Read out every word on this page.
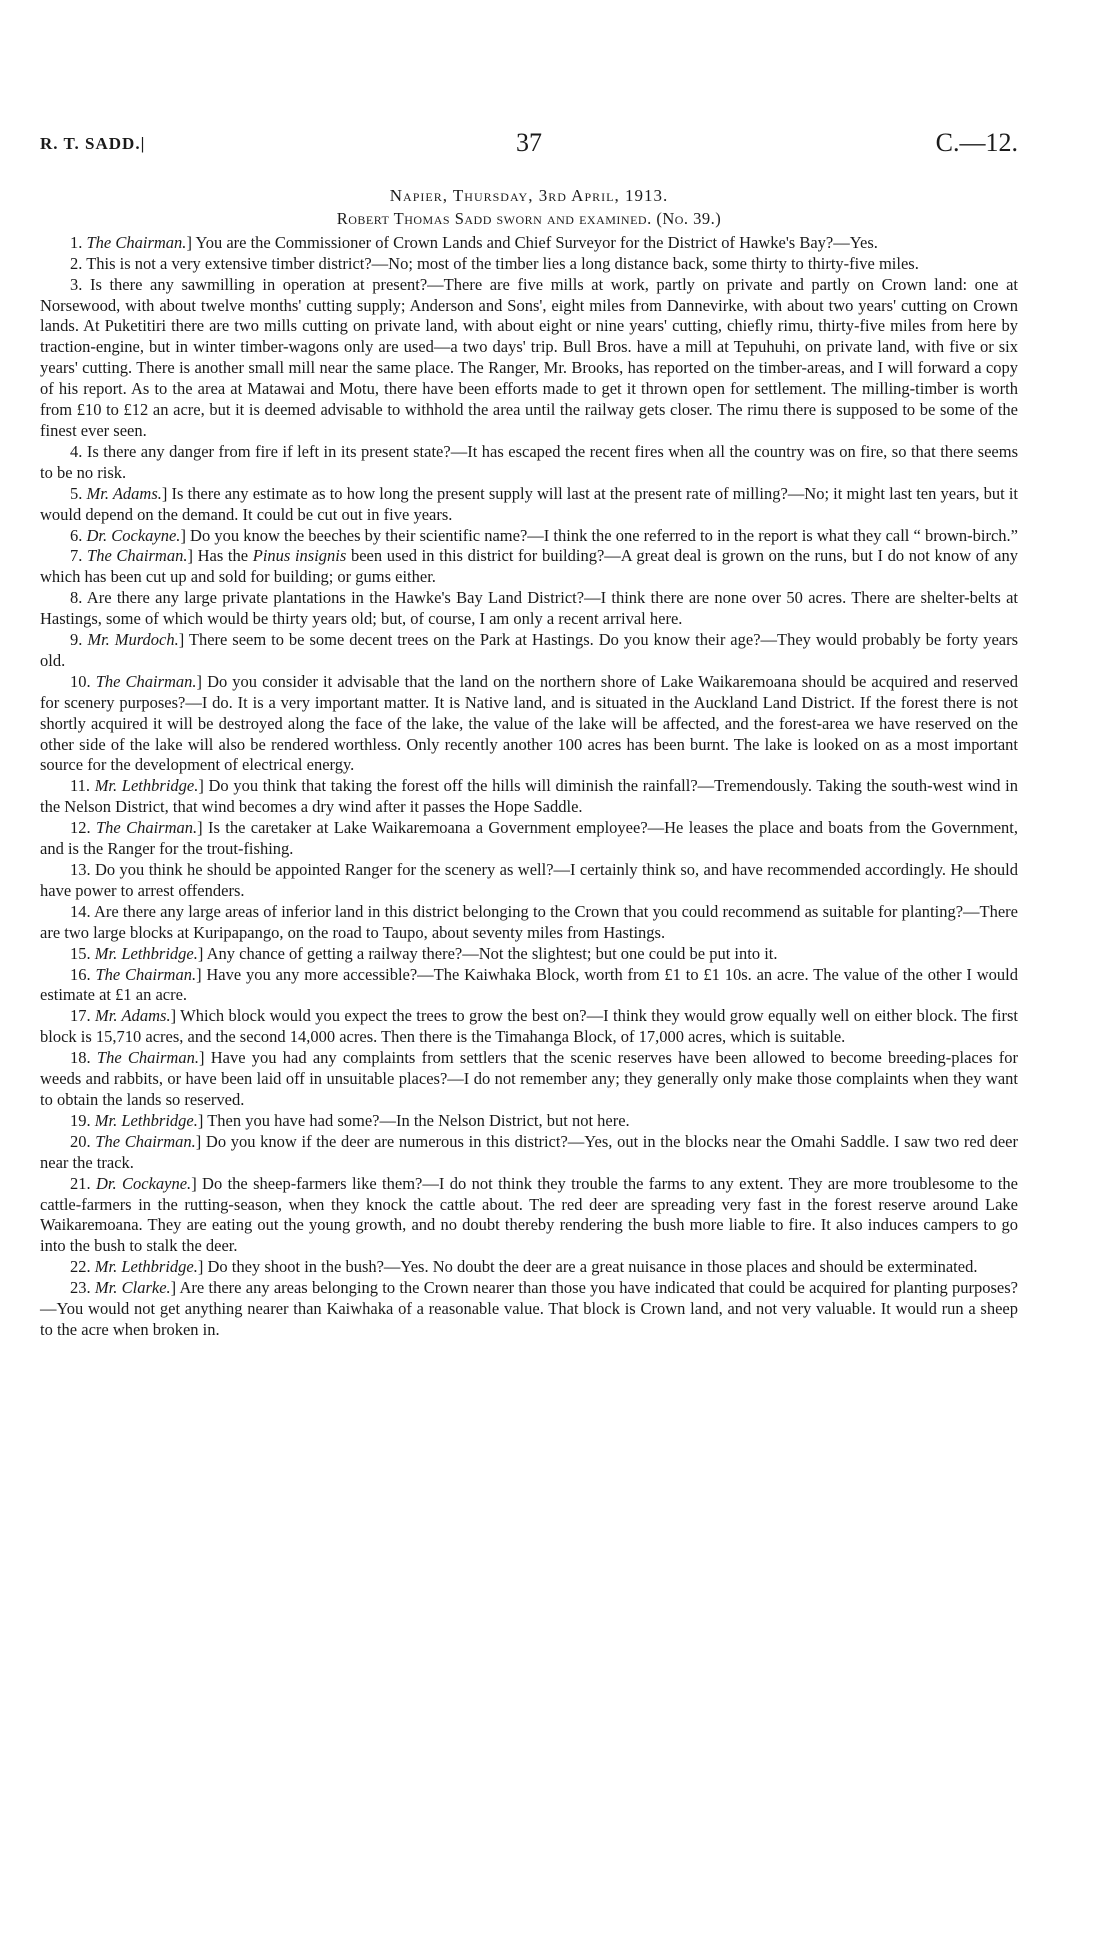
R. T. SADD.|	37	C.—12.

Napier, Thursday, 3rd April, 1913.

Robert Thomas Sadd sworn and examined. (No. 39.)

1. The Chairman.] You are the Commissioner of Crown Lands and Chief Surveyor for the District of Hawke's Bay?—Yes.

2. This is not a very extensive timber district?—No; most of the timber lies a long distance back, some thirty to thirty-five miles.

3. Is there any sawmilling in operation at present?—There are five mills at work, partly on private and partly on Crown land: one at Norsewood, with about twelve months' cutting supply; Anderson and Sons', eight miles from Dannevirke, with about two years' cutting on Crown lands. At Puketitiri there are two mills cutting on private land, with about eight or nine years' cutting, chiefly rimu, thirty-five miles from here by traction-engine, but in winter timber-wagons only are used—a two days' trip. Bull Bros. have a mill at Tepuhuhi, on private land, with five or six years' cutting. There is another small mill near the same place. The Ranger, Mr. Brooks, has reported on the timber-areas, and I will forward a copy of his report. As to the area at Matawai and Motu, there have been efforts made to get it thrown open for settlement. The milling-timber is worth from £10 to £12 an acre, but it is deemed advisable to withhold the area until the railway gets closer. The rimu there is supposed to be some of the finest ever seen.

4. Is there any danger from fire if left in its present state?—It has escaped the recent fires when all the country was on fire, so that there seems to be no risk.

5. Mr. Adams.] Is there any estimate as to how long the present supply will last at the present rate of milling?—No; it might last ten years, but it would depend on the demand. It could be cut out in five years.

6. Dr. Cockayne.] Do you know the beeches by their scientific name?—I think the one referred to in the report is what they call “ brown-birch.”

7. The Chairman.] Has the Pinus insignis been used in this district for building?—A great deal is grown on the runs, but I do not know of any which has been cut up and sold for building; or gums either.

8. Are there any large private plantations in the Hawke's Bay Land District?—I think there are none over 50 acres. There are shelter-belts at Hastings, some of which would be thirty years old; but, of course, I am only a recent arrival here.

9. Mr. Murdoch.] There seem to be some decent trees on the Park at Hastings. Do you know their age?—They would probably be forty years old.

10. The Chairman.] Do you consider it advisable that the land on the northern shore of Lake Waikaremoana should be acquired and reserved for scenery purposes?—I do. It is a very important matter. It is Native land, and is situated in the Auckland Land District. If the forest there is not shortly acquired it will be destroyed along the face of the lake, the value of the lake will be affected, and the forest-area we have reserved on the other side of the lake will also be rendered worthless. Only recently another 100 acres has been burnt. The lake is looked on as a most important source for the development of electrical energy.

11. Mr. Lethbridge.] Do you think that taking the forest off the hills will diminish the rainfall?—Tremendously. Taking the south-west wind in the Nelson District, that wind becomes a dry wind after it passes the Hope Saddle.

12. The Chairman.] Is the caretaker at Lake Waikaremoana a Government employee?—He leases the place and boats from the Government, and is the Ranger for the trout-fishing.

13. Do you think he should be appointed Ranger for the scenery as well?—I certainly think so, and have recommended accordingly. He should have power to arrest offenders.

14. Are there any large areas of inferior land in this district belonging to the Crown that you could recommend as suitable for planting?—There are two large blocks at Kuripapango, on the road to Taupo, about seventy miles from Hastings.

15. Mr. Lethbridge.] Any chance of getting a railway there?—Not the slightest; but one could be put into it.

16. The Chairman.] Have you any more accessible?—The Kaiwhaka Block, worth from £1 to £1 10s. an acre. The value of the other I would estimate at £1 an acre.

17. Mr. Adams.] Which block would you expect the trees to grow the best on?—I think they would grow equally well on either block. The first block is 15,710 acres, and the second 14,000 acres. Then there is the Timahanga Block, of 17,000 acres, which is suitable.

18. The Chairman.] Have you had any complaints from settlers that the scenic reserves have been allowed to become breeding-places for weeds and rabbits, or have been laid off in unsuitable places?—I do not remember any; they generally only make those complaints when they want to obtain the lands so reserved.

19. Mr. Lethbridge.] Then you have had some?—In the Nelson District, but not here.

20. The Chairman.] Do you know if the deer are numerous in this district?—Yes, out in the blocks near the Omahi Saddle. I saw two red deer near the track.

21. Dr. Cockayne.] Do the sheep-farmers like them?—I do not think they trouble the farms to any extent. They are more troublesome to the cattle-farmers in the rutting-season, when they knock the cattle about. The red deer are spreading very fast in the forest reserve around Lake Waikaremoana. They are eating out the young growth, and no doubt thereby rendering the bush more liable to fire. It also induces campers to go into the bush to stalk the deer.

22. Mr. Lethbridge.] Do they shoot in the bush?—Yes. No doubt the deer are a great nuisance in those places and should be exterminated.

23. Mr. Clarke.] Are there any areas belonging to the Crown nearer than those you have indicated that could be acquired for planting purposes?—You would not get anything nearer than Kaiwhaka of a reasonable value. That block is Crown land, and not very valuable. It would run a sheep to the acre when broken in.
